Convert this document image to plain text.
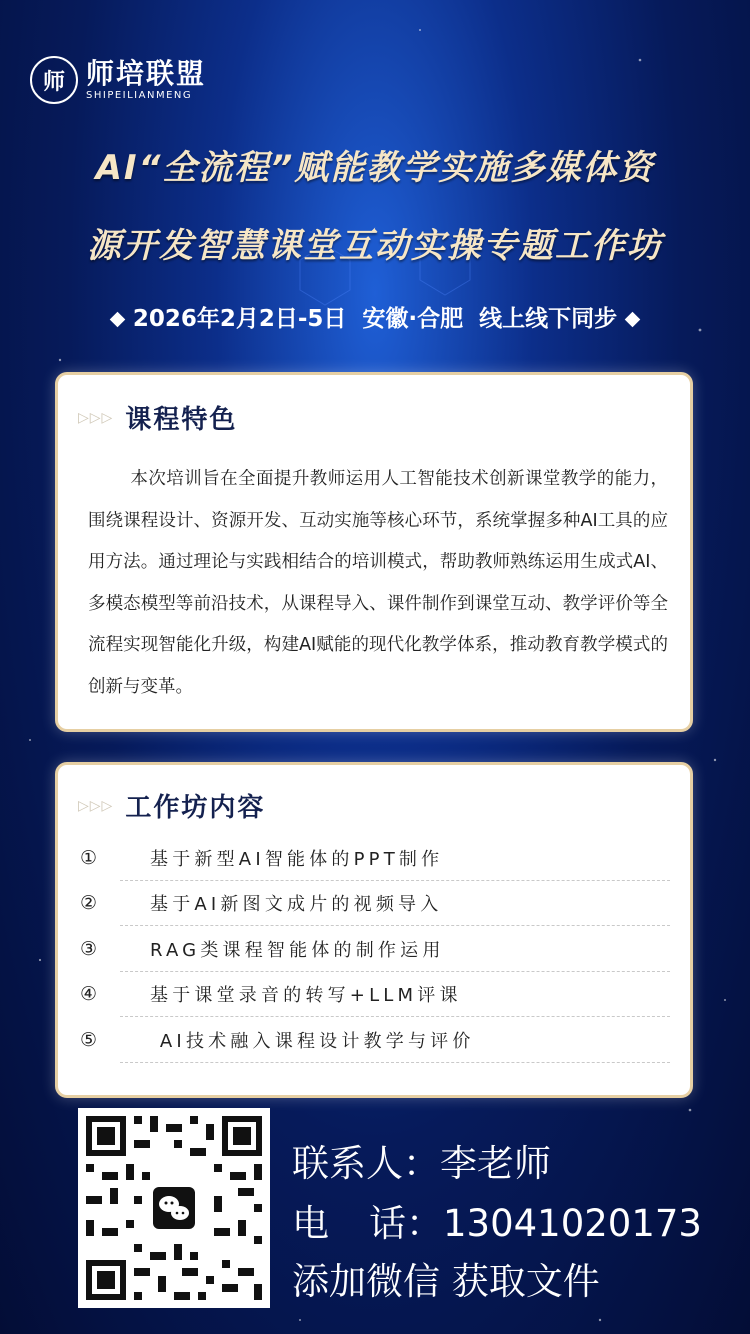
师 师培联盟
SHIPEILIANMENG
AI“全流程”赋能教学实施多媒体资
源开发智慧课堂互动实操专题工作坊
2026年2月2日-5日  安徽·合肥  线上线下同步
▷▷▷ 课程特色
本次培训旨在全面提升教师运用人工智能技术创新课堂教学的能力，围绕课程设计、资源开发、互动实施等核心环节，系统掌握多种AI工具的应用方法。通过理论与实践相结合的培训模式，帮助教师熟练运用生成式AI、多模态模型等前沿技术，从课程导入、课件制作到课堂互动、教学评价等全流程实现智能化升级，构建AI赋能的现代化教学体系，推动教育教学模式的创新与变革。
▷▷▷ 工作坊内容
①	基于新型AI智能体的PPT制作
②	基于AI新图文成片的视频导入
③	RAG类课程智能体的制作运用
④	基于课堂录音的转写+LLM评课
⑤	AI技术融入课程设计教学与评价
联系人：李老师
电 话：13041020173
添加微信 获取文件
